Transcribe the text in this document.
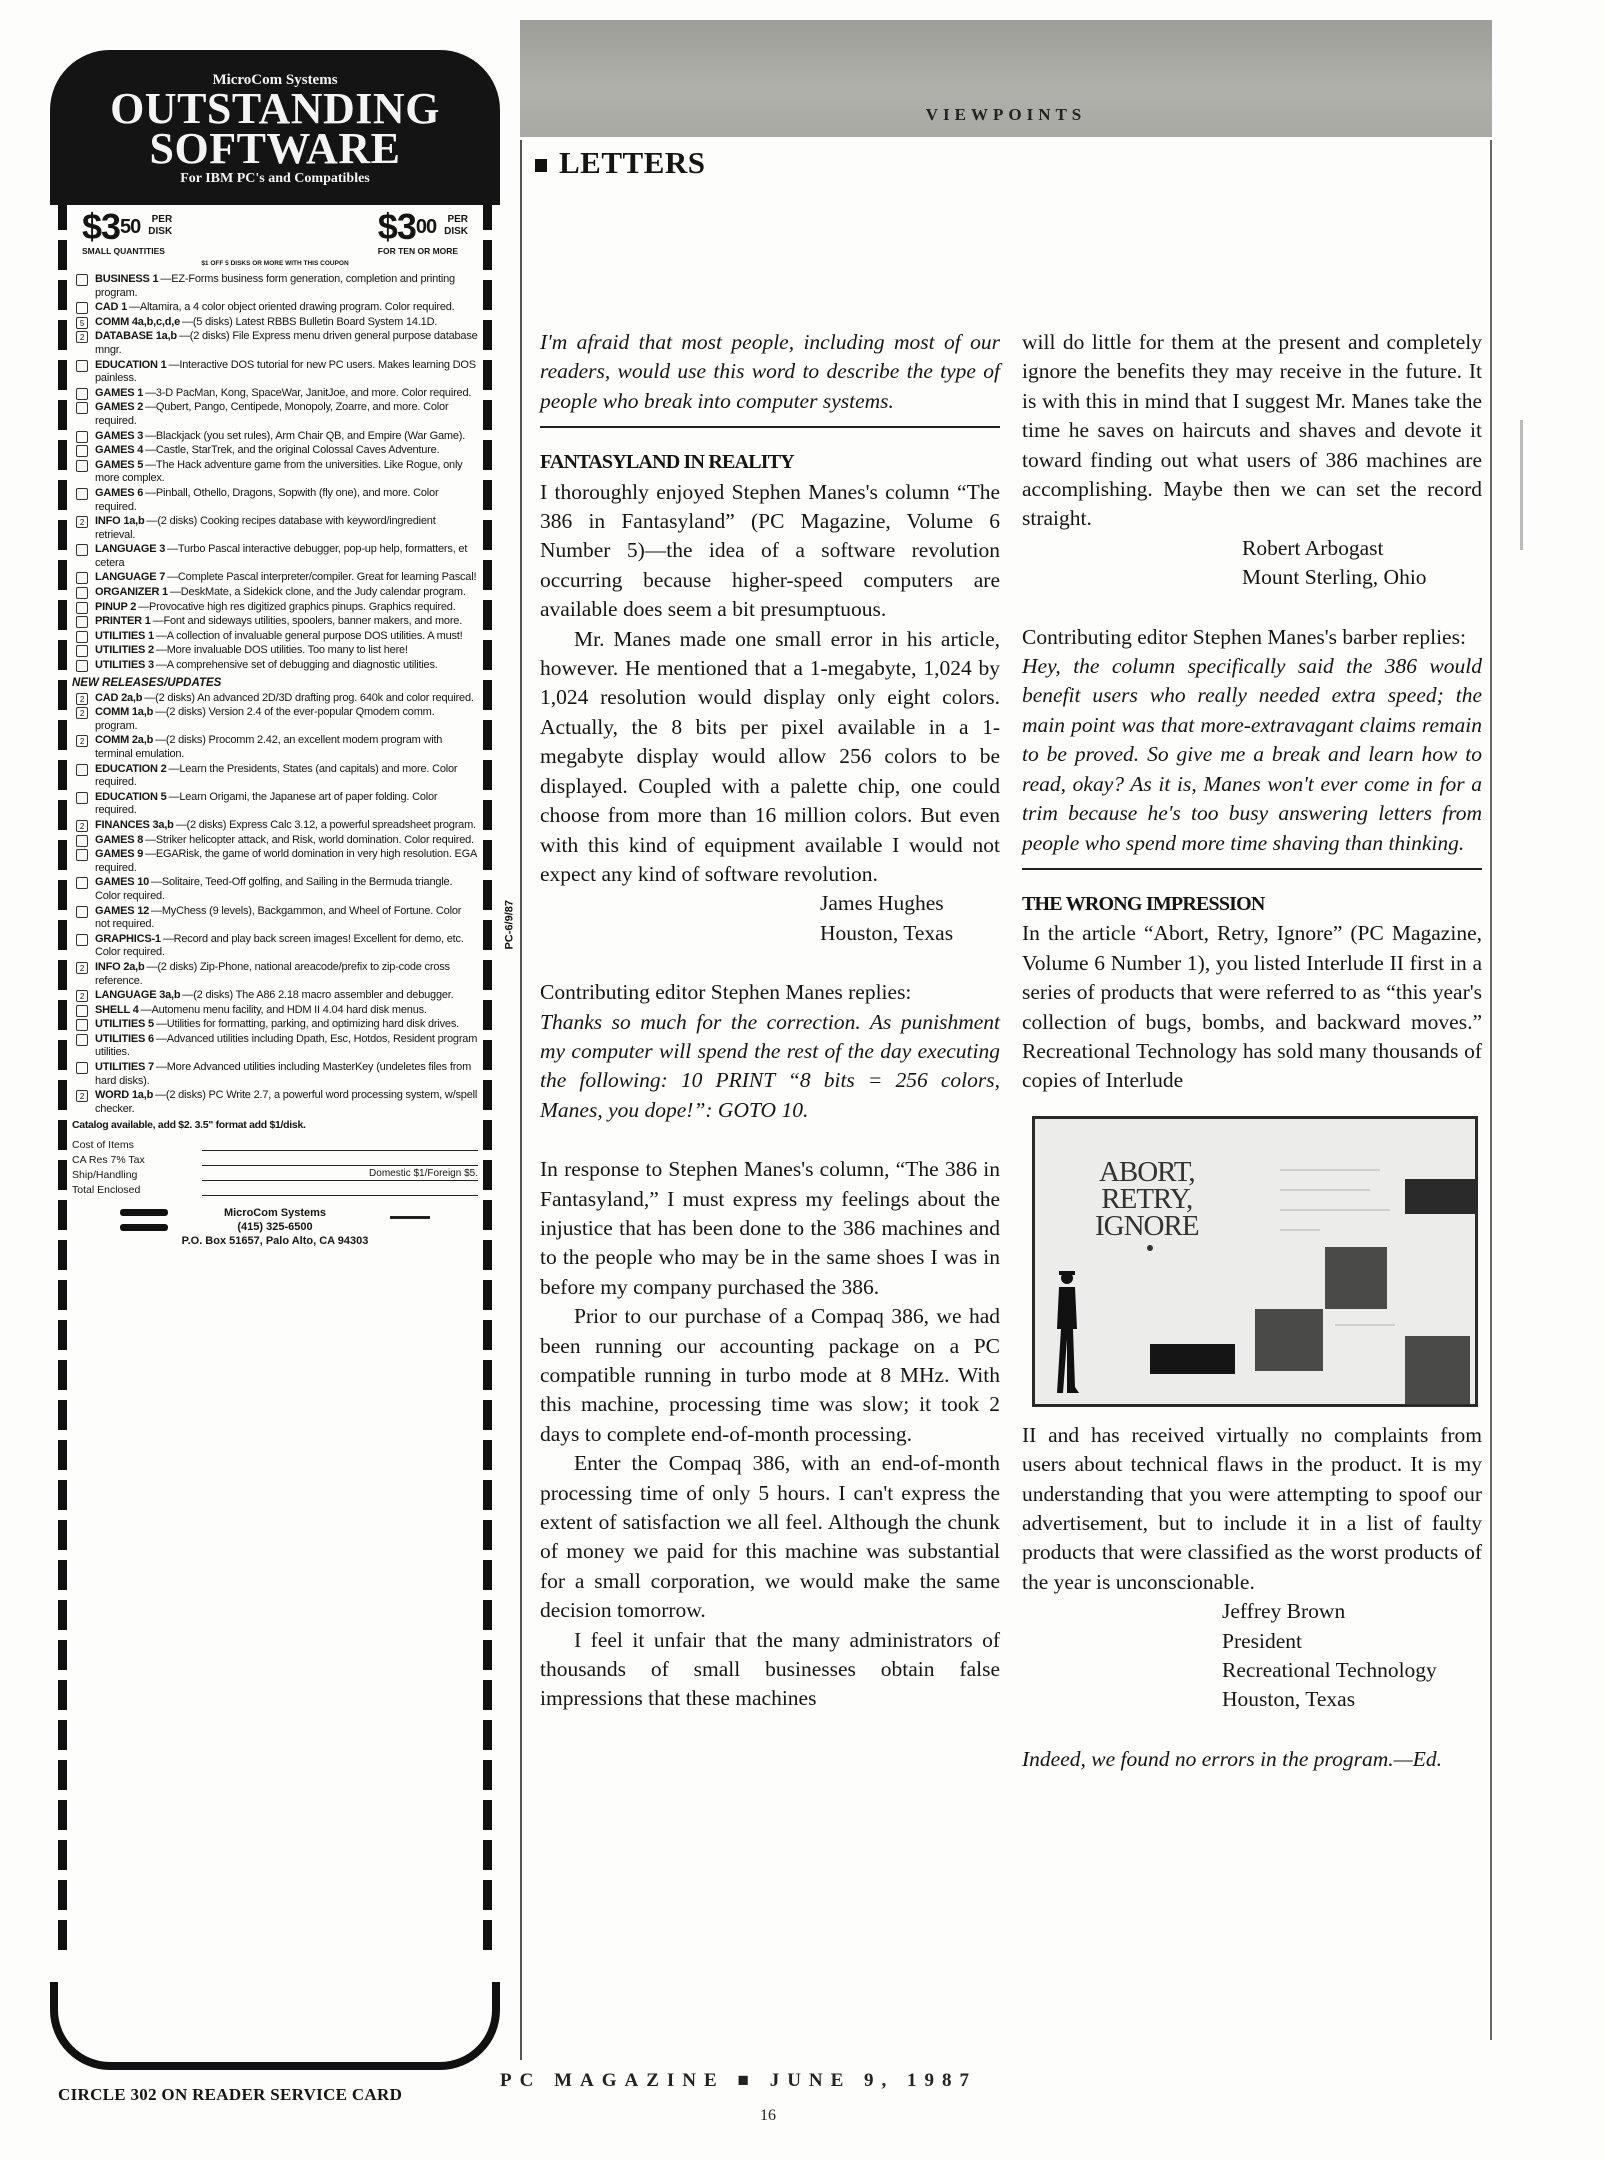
MicroCom Systems
OUTSTANDING
SOFTWARE
For IBM PC's and Compatibles
$3 50	PER
DISK
SMALL QUANTITIES
$3 00	PER
DISK
FOR TEN OR MORE
$1 OFF 5 DISKS OR MORE WITH THIS COUPON
BUSINESS 1 —EZ-Forms business form generation, completion and printing program.
CAD 1 —Altamira, a 4 color object oriented drawing program. Color required.
5 COMM 4a,b,c,d,e —(5 disks) Latest RBBS Bulletin Board System 14.1D.
2 DATABASE 1a,b —(2 disks) File Express menu driven general purpose database mngr.
EDUCATION 1 —Interactive DOS tutorial for new PC users. Makes learning DOS painless.
GAMES 1 —3-D PacMan, Kong, SpaceWar, JanitJoe, and more. Color required.
GAMES 2 —Qubert, Pango, Centipede, Monopoly, Zoarre, and more. Color required.
GAMES 3 —Blackjack (you set rules), Arm Chair QB, and Empire (War Game).
GAMES 4 —Castle, StarTrek, and the original Colossal Caves Adventure.
GAMES 5 —The Hack adventure game from the universities. Like Rogue, only more complex.
GAMES 6 —Pinball, Othello, Dragons, Sopwith (fly one), and more. Color required.
2 INFO 1a,b —(2 disks) Cooking recipes database with keyword/ingredient retrieval.
LANGUAGE 3 —Turbo Pascal interactive debugger, pop-up help, formatters, et cetera
LANGUAGE 7 —Complete Pascal interpreter/compiler. Great for learning Pascal!
ORGANIZER 1 —DeskMate, a Sidekick clone, and the Judy calendar program.
PINUP 2 —Provocative high res digitized graphics pinups. Graphics required.
PRINTER 1 —Font and sideways utilities, spoolers, banner makers, and more.
UTILITIES 1 —A collection of invaluable general purpose DOS utilities. A must!
UTILITIES 2 —More invaluable DOS utilities. Too many to list here!
UTILITIES 3 —A comprehensive set of debugging and diagnostic utilities.
NEW RELEASES/UPDATES
2 CAD 2a,b —(2 disks) An advanced 2D/3D drafting prog. 640k and color required.
2 COMM 1a,b —(2 disks) Version 2.4 of the ever-popular Qmodem comm. program.
2 COMM 2a,b —(2 disks) Procomm 2.42, an excellent modem program with terminal emulation.
EDUCATION 2 —Learn the Presidents, States (and capitals) and more. Color required.
EDUCATION 5 —Learn Origami, the Japanese art of paper folding. Color required.
2 FINANCES 3a,b —(2 disks) Express Calc 3.12, a powerful spreadsheet program.
GAMES 8 —Striker helicopter attack, and Risk, world domination. Color required.
GAMES 9 —EGARisk, the game of world domination in very high resolution. EGA required.
GAMES 10 —Solitaire, Teed-Off golfing, and Sailing in the Bermuda triangle. Color required.
GAMES 12 —MyChess (9 levels), Backgammon, and Wheel of Fortune. Color not required.
GRAPHICS-1 —Record and play back screen images! Excellent for demo, etc. Color required.
2 INFO 2a,b —(2 disks) Zip-Phone, national areacode/prefix to zip-code cross reference.
2 LANGUAGE 3a,b —(2 disks) The A86 2.18 macro assembler and debugger.
SHELL 4 —Automenu menu facility, and HDM II 4.04 hard disk menus.
UTILITIES 5 —Utilities for formatting, parking, and optimizing hard disk drives.
UTILITIES 6 —Advanced utilities including Dpath, Esc, Hotdos, Resident program utilities.
UTILITIES 7 —More Advanced utilities including MasterKey (undeletes files from hard disks).
2 WORD 1a,b —(2 disks) PC Write 2.7, a powerful word processing system, w/spell checker.
Catalog available, add $2. 3.5" format add $1/disk.
Cost of Items
CA Res 7% Tax
Ship/Handling	Domestic $1/Foreign $5.
Total Enclosed
MicroCom Systems
(415) 325-6500
P.O. Box 51657, Palo Alto, CA 94303
PC-6/9/87
CIRCLE 302 ON READER SERVICE CARD
VIEWPOINTS
LETTERS

I'm afraid that most people, including most of our readers, would use this word to describe the type of people who break into computer systems.

FANTASYLAND IN REALITY

I thoroughly enjoyed Stephen Manes's column “The 386 in Fantasyland” (PC Magazine, Volume 6 Number 5)—the idea of a software revolution occurring because higher-speed computers are available does seem a bit presumptuous.

Mr. Manes made one small error in his article, however. He mentioned that a 1-megabyte, 1,024 by 1,024 resolution would display only eight colors. Actually, the 8 bits per pixel available in a 1-megabyte display would allow 256 colors to be displayed. Coupled with a palette chip, one could choose from more than 16 million colors. But even with this kind of equipment available I would not expect any kind of software revolution.

James Hughes

Houston, Texas

Contributing editor Stephen Manes replies:

Thanks so much for the correction. As punishment my computer will spend the rest of the day executing the following: 10 PRINT “8 bits = 256 colors, Manes, you dope!”: GOTO 10.

In response to Stephen Manes's column, “The 386 in Fantasyland,” I must express my feelings about the injustice that has been done to the 386 machines and to the people who may be in the same shoes I was in before my company purchased the 386.

Prior to our purchase of a Compaq 386, we had been running our accounting package on a PC compatible running in turbo mode at 8 MHz. With this machine, processing time was slow; it took 2 days to complete end-of-month processing.

Enter the Compaq 386, with an end-of-month processing time of only 5 hours. I can't express the extent of satisfaction we all feel. Although the chunk of money we paid for this machine was substantial for a small corporation, we would make the same decision tomorrow.

I feel it unfair that the many administrators of thousands of small businesses obtain false impressions that these machines

will do little for them at the present and completely ignore the benefits they may receive in the future. It is with this in mind that I suggest Mr. Manes take the time he saves on haircuts and shaves and devote it toward finding out what users of 386 machines are accomplishing. Maybe then we can set the record straight.

Robert Arbogast

Mount Sterling, Ohio

Contributing editor Stephen Manes's barber replies:

Hey, the column specifically said the 386 would benefit users who really needed extra speed; the main point was that more-extravagant claims remain to be proved. So give me a break and learn how to read, okay? As it is, Manes won't ever come in for a trim because he's too busy answering letters from people who spend more time shaving than thinking.

THE WRONG IMPRESSION

In the article “Abort, Retry, Ignore” (PC Magazine, Volume 6 Number 1), you listed Interlude II first in a series of products that were referred to as “this year's collection of bugs, bombs, and backward moves.” Recreational Technology has sold many thousands of copies of Interlude

ABORT,
RETRY,
IGNORE

II and has received virtually no complaints from users about technical flaws in the product. It is my understanding that you were attempting to spoof our advertisement, but to include it in a list of faulty products that were classified as the worst products of the year is unconscionable.

Jeffrey Brown

President

Recreational Technology

Houston, Texas

Indeed, we found no errors in the program.—Ed.

PC MAGAZINE ■ JUNE 9, 1987
16
